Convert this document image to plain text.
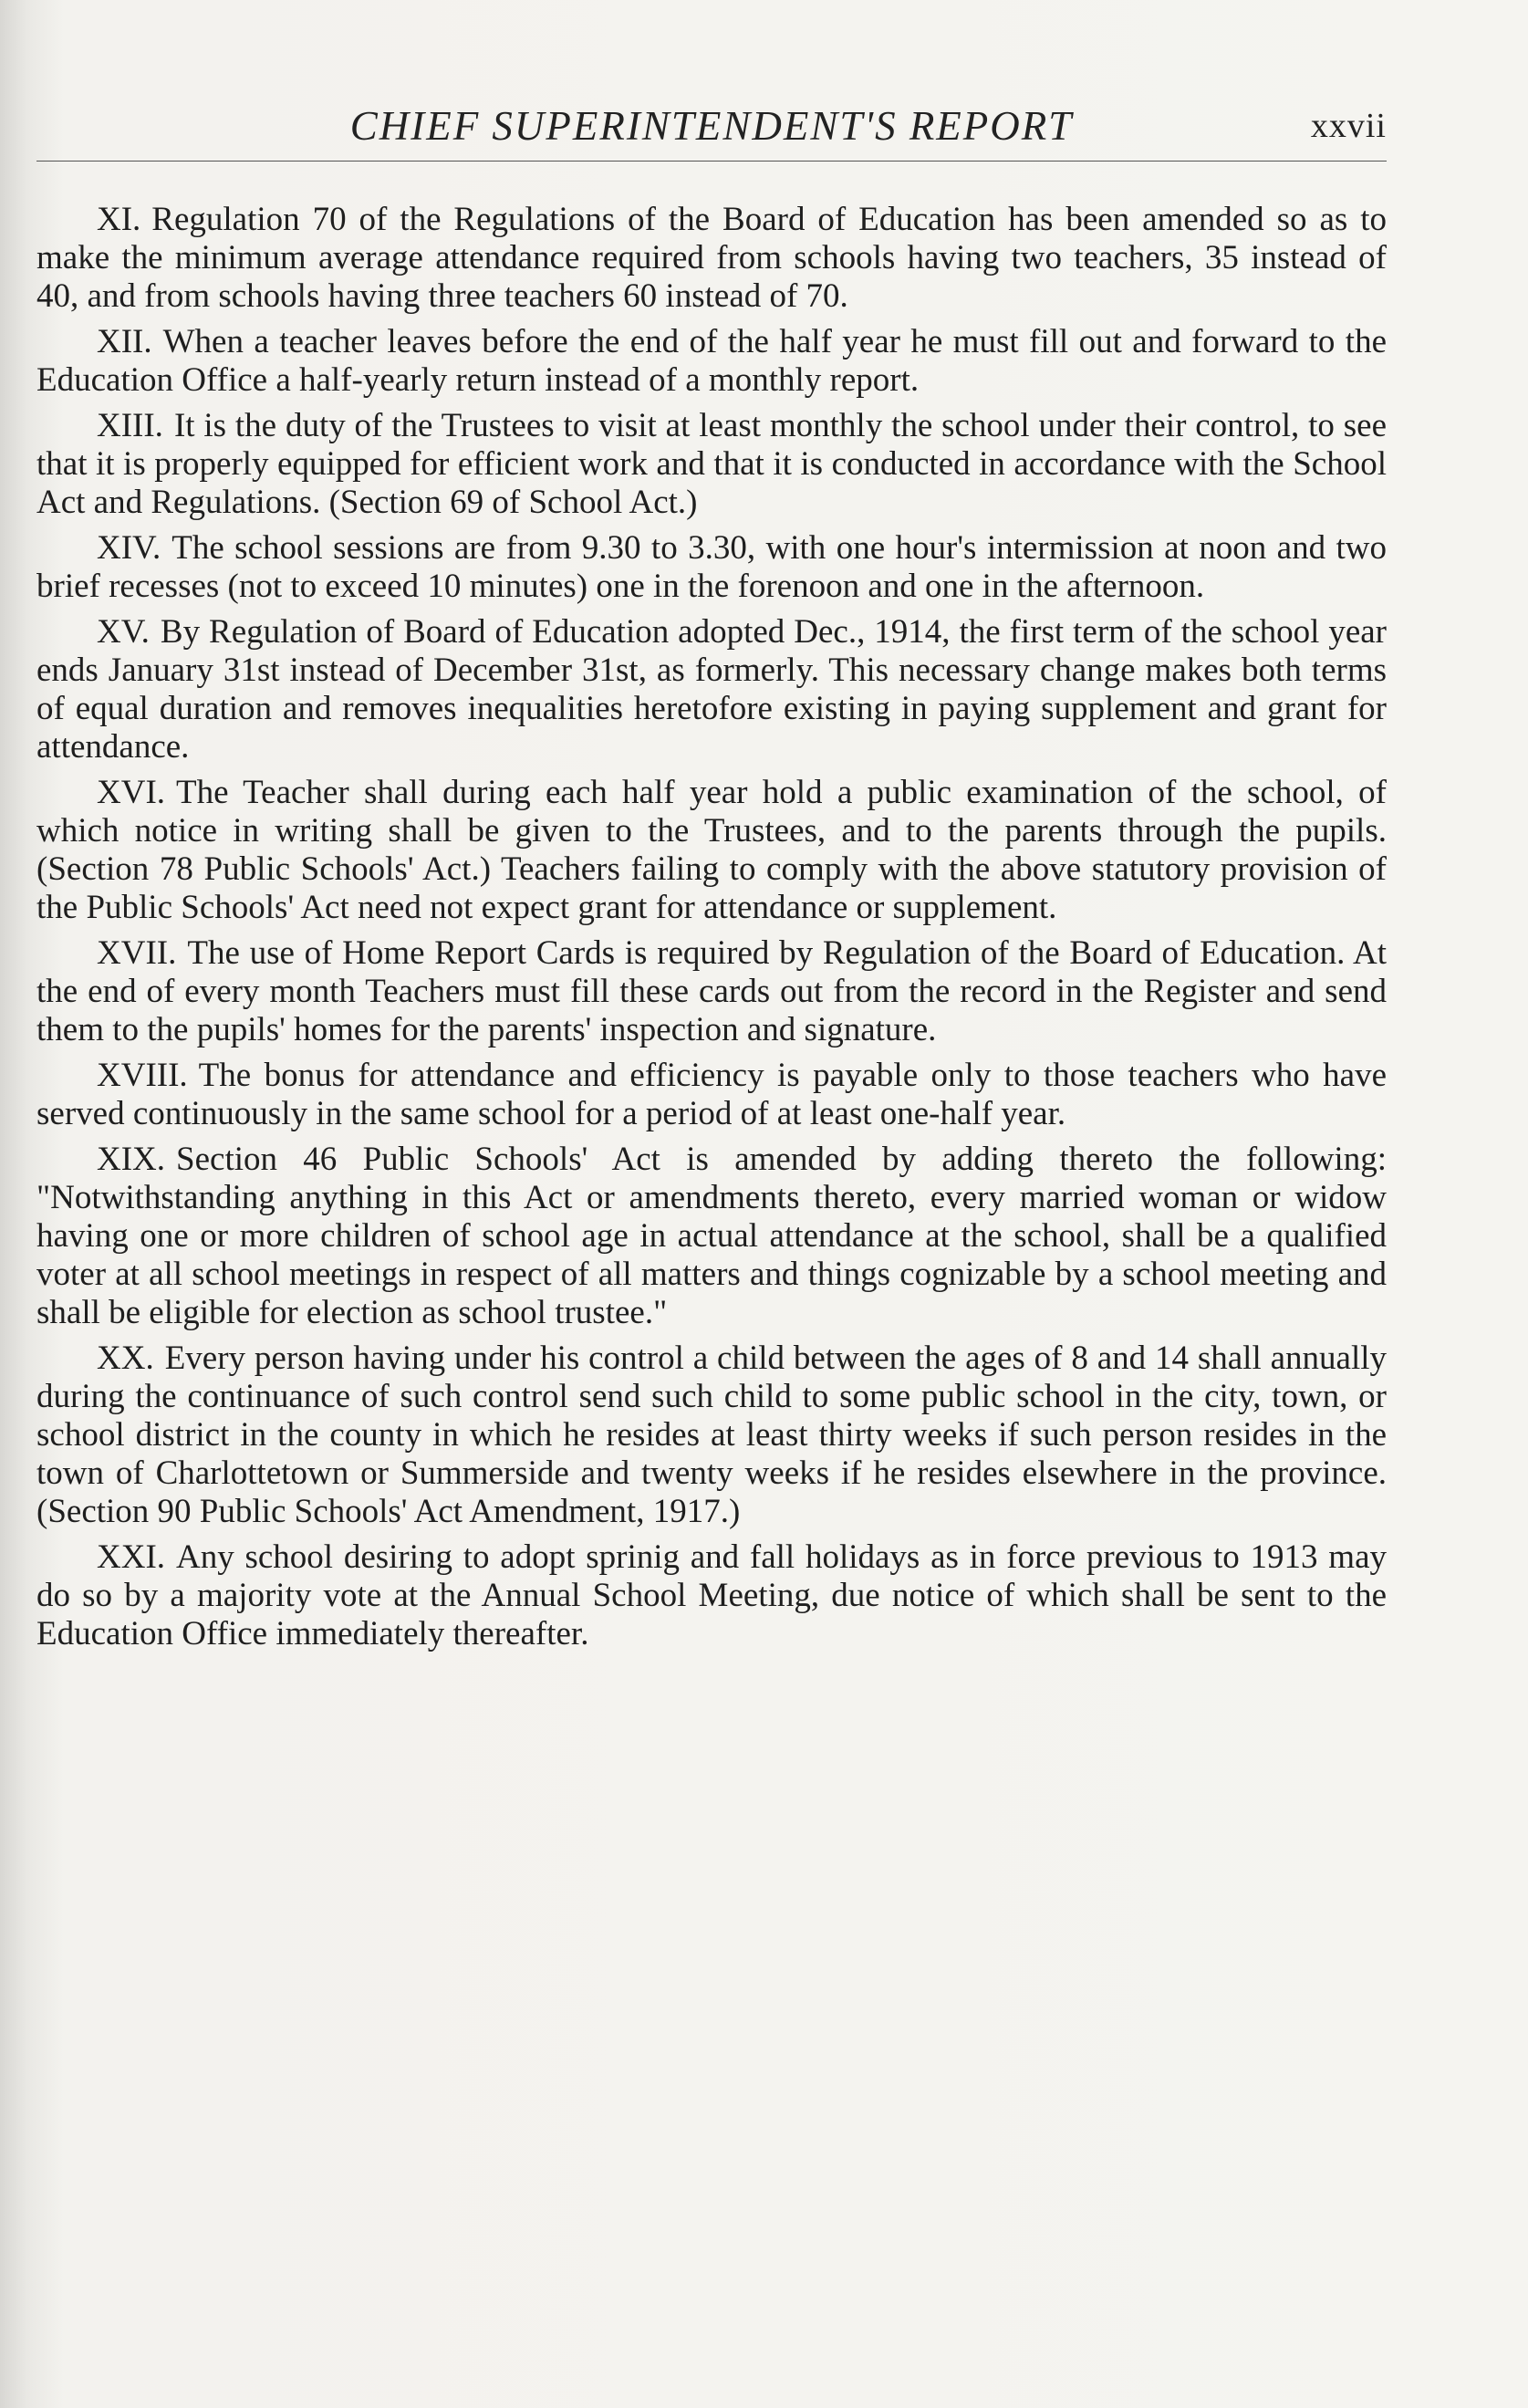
CHIEF SUPERINTENDENT'S REPORT	xxvii

XI. Regulation 70 of the Regulations of the Board of Education has been amended so as to make the minimum average attendance required from schools having two teachers, 35 instead of 40, and from schools having three teachers 60 instead of 70.

XII. When a teacher leaves before the end of the half year he must fill out and forward to the Education Office a half-yearly return instead of a monthly report.

XIII. It is the duty of the Trustees to visit at least monthly the school under their control, to see that it is properly equipped for efficient work and that it is conducted in accordance with the School Act and Regulations. (Section 69 of School Act.)

XIV. The school sessions are from 9.30 to 3.30, with one hour's intermission at noon and two brief recesses (not to exceed 10 minutes) one in the forenoon and one in the afternoon.

XV. By Regulation of Board of Education adopted Dec., 1914, the first term of the school year ends January 31st instead of December 31st, as formerly. This necessary change makes both terms of equal duration and removes inequalities heretofore existing in paying supplement and grant for attendance.

XVI. The Teacher shall during each half year hold a public examination of the school, of which notice in writing shall be given to the Trustees, and to the parents through the pupils. (Section 78 Public Schools' Act.) Teachers failing to comply with the above statutory provision of the Public Schools' Act need not expect grant for attendance or supplement.

XVII. The use of Home Report Cards is required by Regulation of the Board of Education. At the end of every month Teachers must fill these cards out from the record in the Register and send them to the pupils' homes for the parents' inspection and signature.

XVIII. The bonus for attendance and efficiency is payable only to those teachers who have served continuously in the same school for a period of at least one-half year.

XIX. Section 46 Public Schools' Act is amended by adding thereto the following: "Notwithstanding anything in this Act or amendments thereto, every married woman or widow having one or more children of school age in actual attendance at the school, shall be a qualified voter at all school meetings in respect of all matters and things cognizable by a school meeting and shall be eligible for election as school trustee."

XX. Every person having under his control a child between the ages of 8 and 14 shall annually during the continuance of such control send such child to some public school in the city, town, or school district in the county in which he resides at least thirty weeks if such person resides in the town of Charlottetown or Summerside and twenty weeks if he resides elsewhere in the province. (Section 90 Public Schools' Act Amendment, 1917.)

XXI. Any school desiring to adopt sprinig and fall holidays as in force previous to 1913 may do so by a majority vote at the Annual School Meeting, due notice of which shall be sent to the Education Office immediately thereafter.
